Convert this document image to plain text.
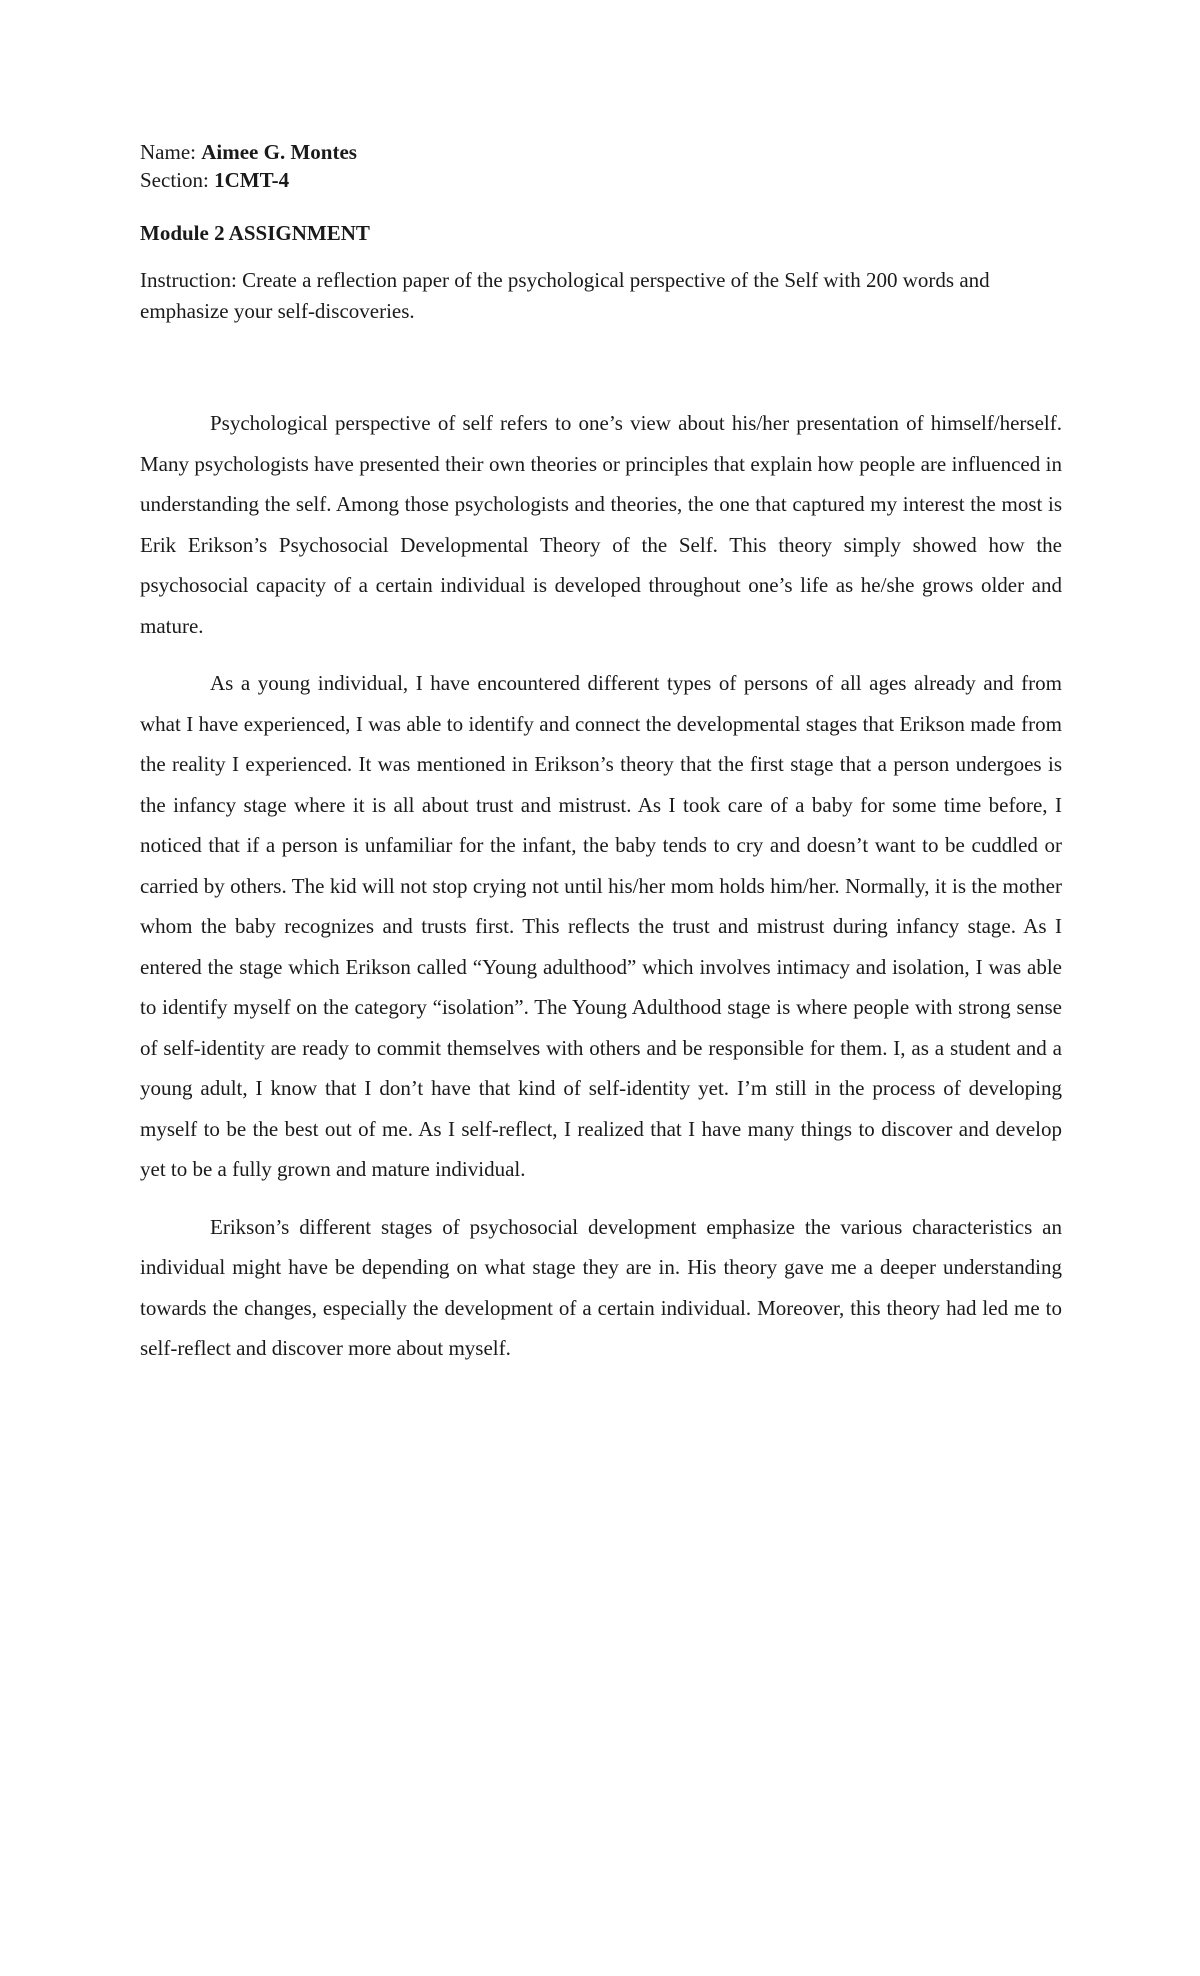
Name: Aimee G. Montes

Section: 1CMT-4

Module 2 ASSIGNMENT

Instruction: Create a reflection paper of the psychological perspective of the Self with 200 words and emphasize your self-discoveries.

Psychological perspective of self refers to one’s view about his/her presentation of himself/herself. Many psychologists have presented their own theories or principles that explain how people are influenced in understanding the self. Among those psychologists and theories, the one that captured my interest the most is Erik Erikson’s Psychosocial Developmental Theory of the Self. This theory simply showed how the psychosocial capacity of a certain individual is developed throughout one’s life as he/she grows older and mature.

As a young individual, I have encountered different types of persons of all ages already and from what I have experienced, I was able to identify and connect the developmental stages that Erikson made from the reality I experienced. It was mentioned in Erikson’s theory that the first stage that a person undergoes is the infancy stage where it is all about trust and mistrust. As I took care of a baby for some time before, I noticed that if a person is unfamiliar for the infant, the baby tends to cry and doesn’t want to be cuddled or carried by others. The kid will not stop crying not until his/her mom holds him/her. Normally, it is the mother whom the baby recognizes and trusts first. This reflects the trust and mistrust during infancy stage. As I entered the stage which Erikson called “Young adulthood” which involves intimacy and isolation, I was able to identify myself on the category “isolation”. The Young Adulthood stage is where people with strong sense of self-identity are ready to commit themselves with others and be responsible for them. I, as a student and a young adult, I know that I don’t have that kind of self-identity yet. I’m still in the process of developing myself to be the best out of me. As I self-reflect, I realized that I have many things to discover and develop yet to be a fully grown and mature individual.

Erikson’s different stages of psychosocial development emphasize the various characteristics an individual might have be depending on what stage they are in. His theory gave me a deeper understanding towards the changes, especially the development of a certain individual. Moreover, this theory had led me to self-reflect and discover more about myself.
